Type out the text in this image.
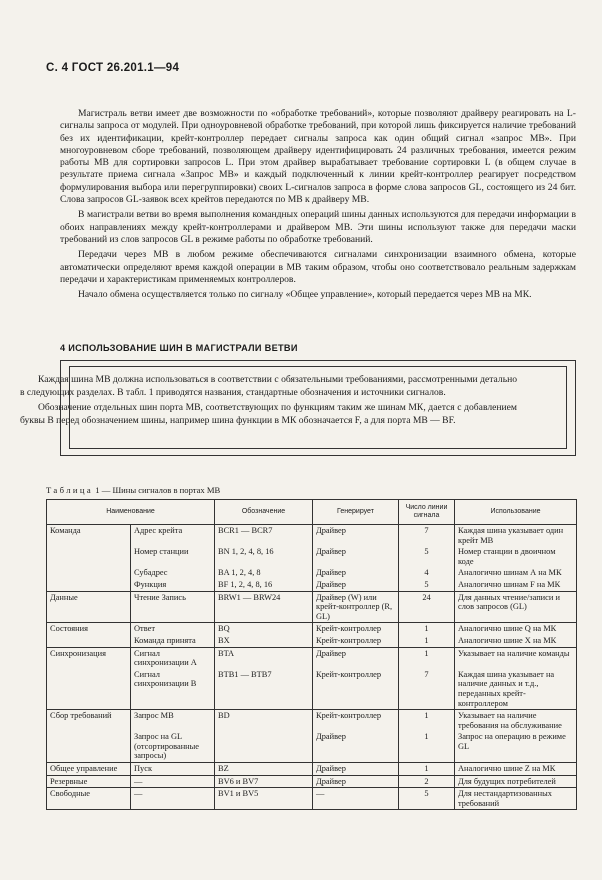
С. 4 ГОСТ 26.201.1—94

Магистраль ветви имеет две возможности по «обработке требований», которые позволяют драйверу реагировать на L-сигналы запроса от модулей. При одноуровневой обработке требований, при которой лишь фиксируется наличие требований без их идентификации, крейт-контроллер передает сигналы запроса как один общий сигнал «запрос МВ». При многоуровневом сборе требований, позволяющем драйверу идентифицировать 24 различных требования, имеется режим работы МВ для сортировки запросов L. При этом драйвер вырабатывает требование сортировки L (в общем случае в результате приема сигнала «Запрос МВ» и каждый подключенный к линии крейт-контроллер реагирует посредством формулирования выбора или перегруппировки) своих L-сигналов запроса в форме слова запросов GL, состоящего из 24 бит. Слова запросов GL-заявок всех крейтов передаются по МВ к драйверу МВ.

В магистрали ветви во время выполнения командных операций шины данных используются для передачи информации в обоих направлениях между крейт-контроллерами и драйвером МВ. Эти шины используют также для передачи маски требований из слов запросов GL в режиме работы по обработке требований.

Передачи через МВ в любом режиме обеспечиваются сигналами синхронизации взаимного обмена, которые автоматически определяют время каждой операции в МВ таким образом, чтобы оно соответствовало реальным задержкам передачи и характеристикам применяемых контроллеров.

Начало обмена осуществляется только по сигналу «Общее управление», который передается через МВ на МК.

4 ИСПОЛЬЗОВАНИЕ ШИН В МАГИСТРАЛИ ВЕТВИ

Каждая шина МВ должна использоваться в соответствии с обязательными требованиями, рассмотренными детально в следующих разделах. В табл. 1 приводятся названия, стандартные обозначения и источники сигналов.

Обозначение отдельных шин порта МВ, соответствующих по функциям таким же шинам МК, дается с добавлением буквы В перед обозначением шины, например шина функции в МК обозначается F, а для порта МВ — BF.

Таблица 1 — Шины сигналов в портах МВ
Наименование		Обозначение	Генерирует	Число линии сигнала	Использование
Команда	Адрес крейта	BCR1 — BCR7	Драйвер	7	Каждая шина указывает один крейт МВ
	Номер станции	BN 1, 2, 4, 8, 16	Драйвер	5	Номер станции в двоичном коде
	Субадрес	BA 1, 2, 4, 8	Драйвер	4	Аналогично шинам А на МК
	Функция	BF 1, 2, 4, 8, 16	Драйвер	5	Аналогично шинам F на МК
Данные	Чтение Запись	BRW1 — BRW24	Драйвер (W) или крейт-контроллер (R, GL)	24	Для данных чтение/записи и слов запросов (GL)
Состояния	Ответ	BQ	Крейт-контроллер	1	Аналогично шине Q на МК
	Команда принята	BX	Крейт-контроллер	1	Аналогично шине X на МК
Синхронизация	Сигнал синхронизации А	BTA	Драйвер	1	Указывает на наличие команды
	Сигнал синхронизации В	BTB1 — BTB7	Крейт-контроллер	7	Каждая шина указывает на наличие данных и т.д., переданных крейт-контроллером
Сбор требований	Запрос МВ	BD	Крейт-контроллер	1	Указывает на наличие требования на обслуживание
	Запрос на GL (отсортированные запросы)		Драйвер	1	Запрос на операцию в режиме GL
Общее управление	Пуск	BZ	Драйвер	1	Аналогично шине Z на МК
Резервные	—	BV6 и BV7	Драйвер	2	Для будущих потребителей
Свободные	—	BV1 и BV5	—	5	Для нестандартизованных требований
